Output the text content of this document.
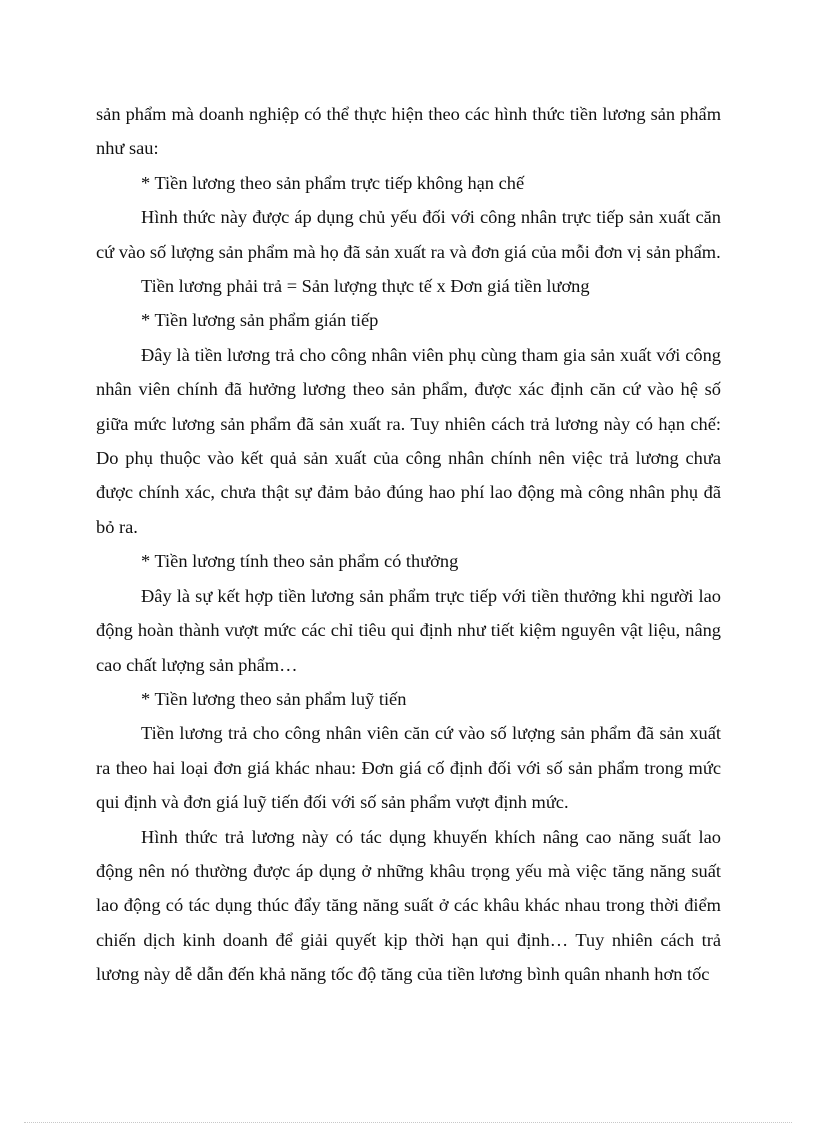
sản phẩm mà doanh nghiệp có thể thực hiện theo các hình thức tiền lương sản phẩm như sau:

* Tiền lương theo sản phẩm trực tiếp không hạn chế

Hình thức này được áp dụng chủ yếu đối với công nhân trực tiếp sản xuất căn cứ vào số lượng sản phẩm mà họ đã sản xuất ra và đơn giá của mỗi đơn vị sản phẩm.

Tiền lương phải trả = Sản lượng thực tế x Đơn giá tiền lương

* Tiền lương sản phẩm gián tiếp

Đây là tiền lương trả cho công nhân viên phụ cùng tham gia sản xuất với công nhân viên chính đã hưởng lương theo sản phẩm, được xác định căn cứ vào hệ số giữa mức lương sản phẩm đã sản xuất ra. Tuy nhiên cách trả lương này có hạn chế: Do phụ thuộc vào kết quả sản xuất của công nhân chính nên việc trả lương chưa được chính xác, chưa thật sự đảm bảo đúng hao phí lao động mà công nhân phụ đã bỏ ra.

* Tiền lương tính theo sản phẩm có thưởng

Đây là sự kết hợp tiền lương sản phẩm trực tiếp với tiền thưởng khi người lao động hoàn thành vượt mức các chỉ tiêu qui định như tiết kiệm nguyên vật liệu, nâng cao chất lượng sản phẩm…

* Tiền lương theo sản phẩm luỹ tiến

Tiền lương trả cho công nhân viên căn cứ vào số lượng sản phẩm đã sản xuất ra theo hai loại đơn giá khác nhau: Đơn giá cố định đối với số sản phẩm trong mức qui định và đơn giá luỹ tiến đối với số sản phẩm vượt định mức.

Hình thức trả lương này có tác dụng khuyến khích nâng cao năng suất lao động nên nó thường được áp dụng ở những khâu trọng yếu mà việc tăng năng suất lao động có tác dụng thúc đẩy tăng năng suất ở các khâu khác nhau trong thời điểm chiến dịch kinh doanh để giải quyết kịp thời hạn qui định… Tuy nhiên cách trả lương này dễ dẫn đến khả năng tốc độ tăng của tiền lương bình quân nhanh hơn tốc
